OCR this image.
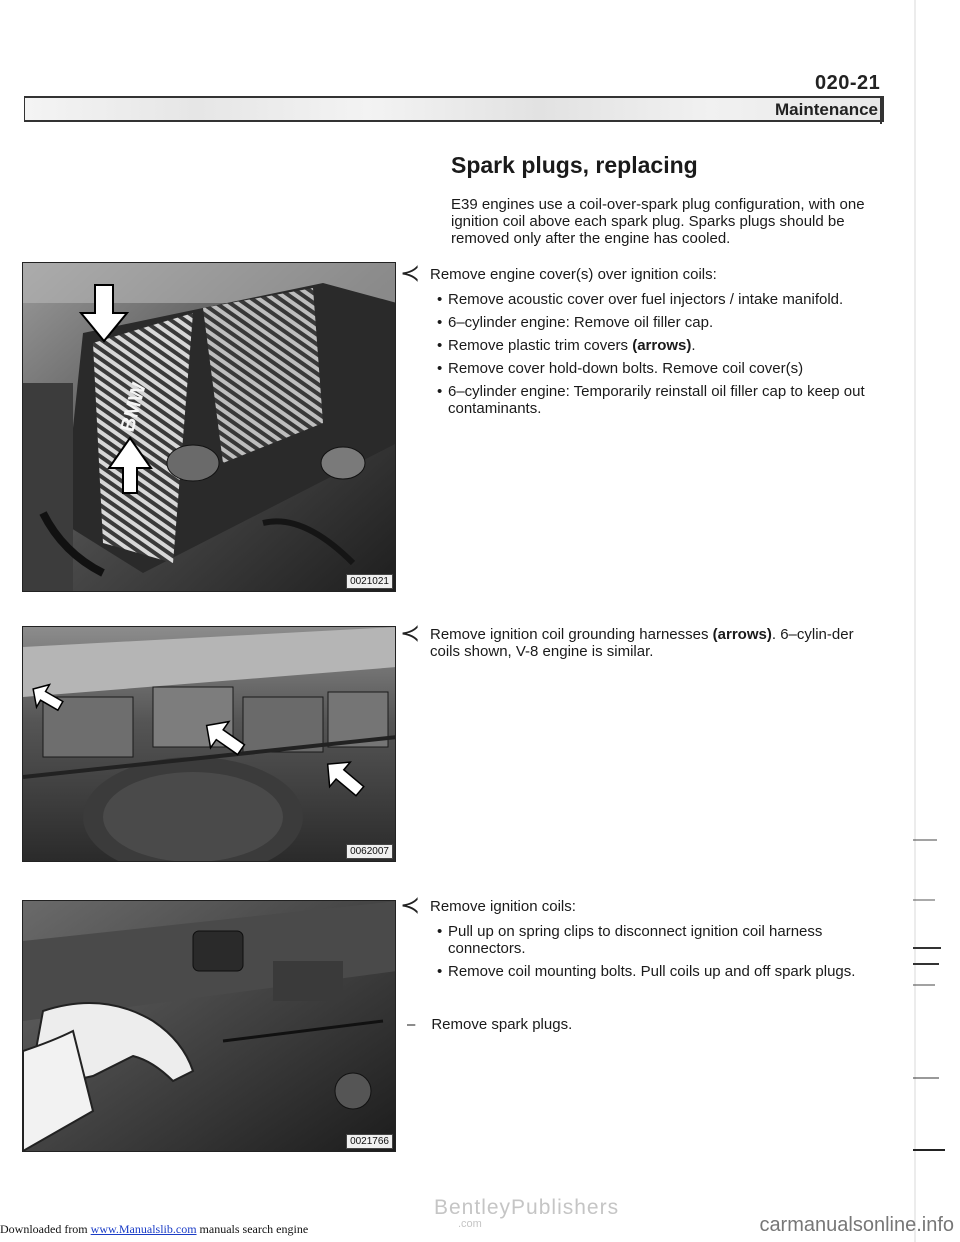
020-21
Maintenance
Spark plugs, replacing

E39 engines use a coil-over-spark plug configuration, with one ignition coil above each spark plug. Sparks plugs should be removed only after the engine has cooled.

BMW
0021021
0062007
0021766
≺ Remove engine cover(s) over ignition coils:
• Remove acoustic cover over fuel injectors / intake manifold.
• 6–cylinder engine: Remove oil filler cap.
• Remove plastic trim covers (arrows).
• Remove cover hold-down bolts. Remove coil cover(s)
• 6–cylinder engine: Temporarily reinstall oil filler cap to keep out contaminants.
≺ Remove ignition coil grounding harnesses (arrows). 6–cylin-der coils shown, V-8 engine is similar.
≺ Remove ignition coils:
• Pull up on spring clips to disconnect ignition coil harness connectors.
• Remove coil mounting bolts. Pull coils up and off spark plugs.
– Remove spark plugs.
BentleyPublishers
.com
Downloaded from www.Manualslib.com manuals search engine	carmanualsonline.info
